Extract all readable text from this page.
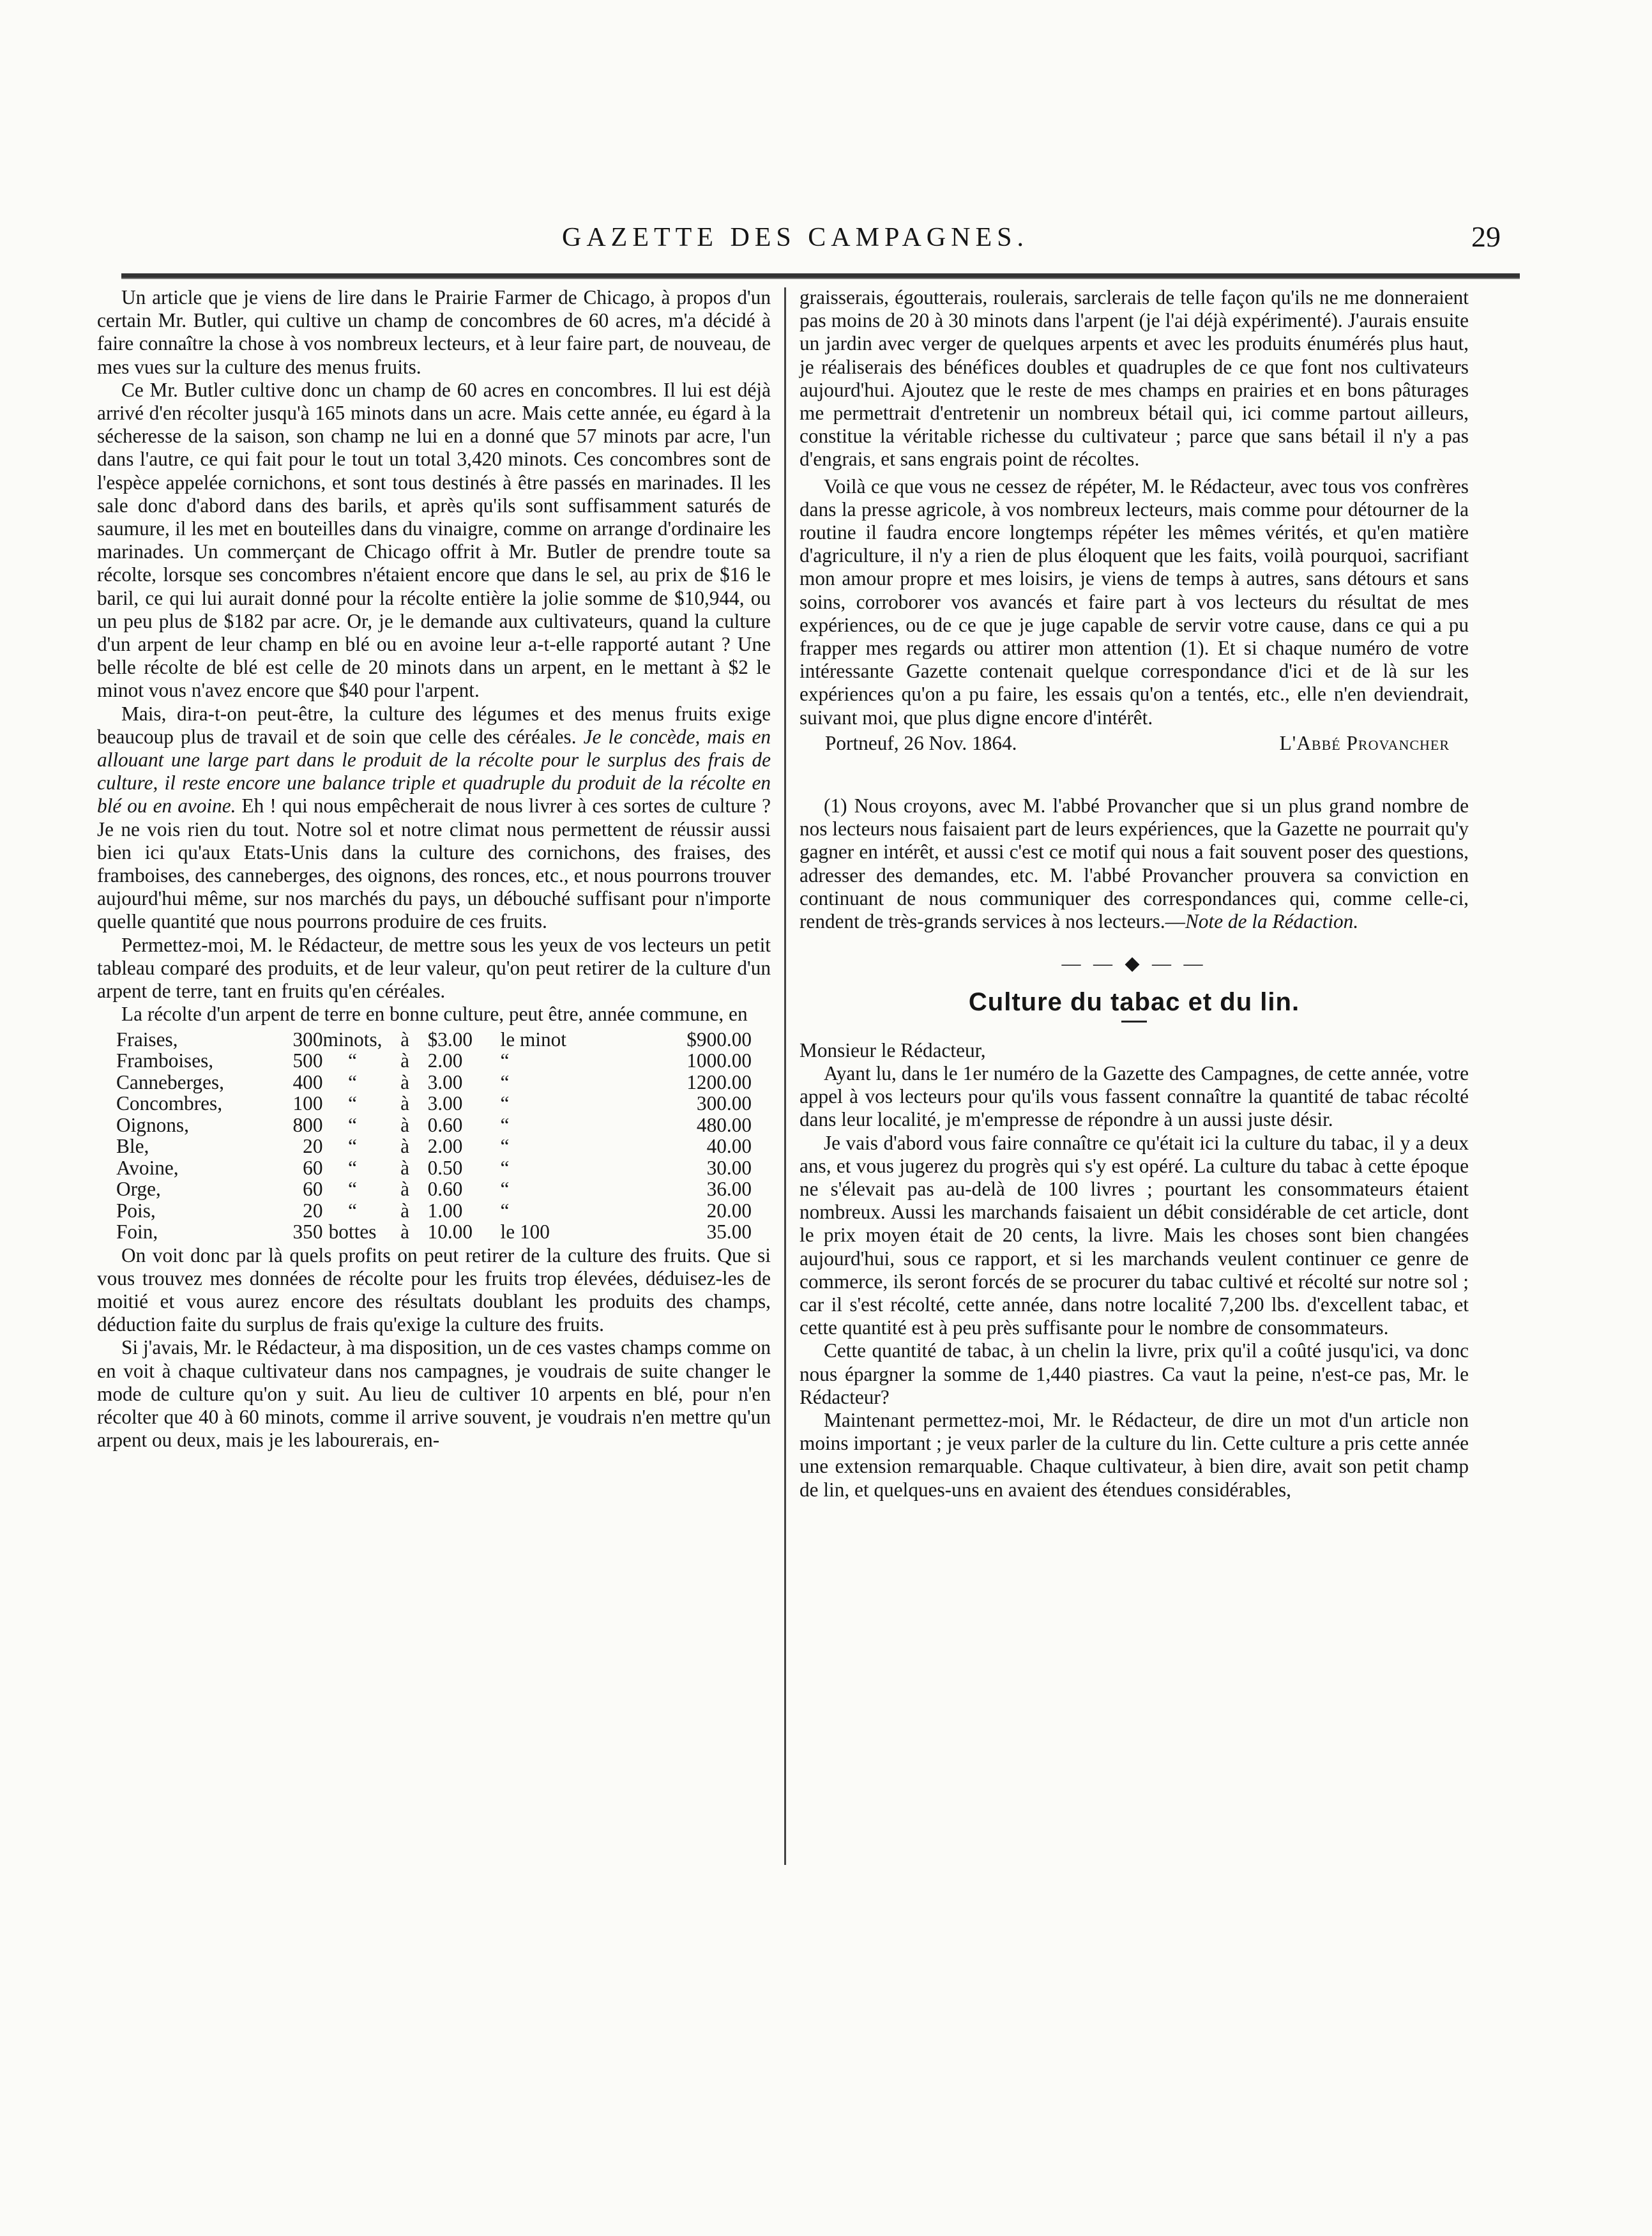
GAZETTE DES CAMPAGNES.	29

Un article que je viens de lire dans le Prairie Farmer de Chicago, à propos d'un certain Mr. Butler, qui cultive un champ de concombres de 60 acres, m'a décidé à faire connaître la chose à vos nombreux lecteurs, et à leur faire part, de nouveau, de mes vues sur la culture des menus fruits.

Ce Mr. Butler cultive donc un champ de 60 acres en concombres. Il lui est déjà arrivé d'en récolter jusqu'à 165 minots dans un acre. Mais cette année, eu égard à la sécheresse de la saison, son champ ne lui en a donné que 57 minots par acre, l'un dans l'autre, ce qui fait pour le tout un total 3,420 minots. Ces concombres sont de l'espèce appelée cornichons, et sont tous destinés à être passés en marinades. Il les sale donc d'abord dans des barils, et après qu'ils sont suffisamment saturés de saumure, il les met en bouteilles dans du vinaigre, comme on arrange d'ordinaire les marinades. Un commerçant de Chicago offrit à Mr. Butler de prendre toute sa récolte, lorsque ses concombres n'étaient encore que dans le sel, au prix de $16 le baril, ce qui lui aurait donné pour la récolte entière la jolie somme de $10,944, ou un peu plus de $182 par acre. Or, je le demande aux cultivateurs, quand la culture d'un arpent de leur champ en blé ou en avoine leur a-t-elle rapporté autant ? Une belle récolte de blé est celle de 20 minots dans un arpent, en le mettant à $2 le minot vous n'avez encore que $40 pour l'arpent.

Mais, dira-t-on peut-être, la culture des légumes et des menus fruits exige beaucoup plus de travail et de soin que celle des céréales. Je le concède, mais en allouant une large part dans le produit de la récolte pour le surplus des frais de culture, il reste encore une balance triple et quadruple du produit de la récolte en blé ou en avoine. Eh ! qui nous empêcherait de nous livrer à ces sortes de culture ? Je ne vois rien du tout. Notre sol et notre climat nous permettent de réussir aussi bien ici qu'aux Etats-Unis dans la culture des cornichons, des fraises, des framboises, des canneberges, des oignons, des ronces, etc., et nous pourrons trouver aujourd'hui même, sur nos marchés du pays, un débouché suffisant pour n'importe quelle quantité que nous pourrons produire de ces fruits.

Permettez-moi, M. le Rédacteur, de mettre sous les yeux de vos lecteurs un petit tableau comparé des produits, et de leur valeur, qu'on peut retirer de la culture d'un arpent de terre, tant en fruits qu'en céréales.

La récolte d'un arpent de terre en bonne culture, peut être, année commune, en

Fraises,	300	minots,	à	$3.00	le minot	$900.00
Framboises,	500	“	à	2.00	“	1000.00
Canneberges,	400	“	à	3.00	“	1200.00
Concombres,	100	“	à	3.00	“	300.00
Oignons,	800	“	à	0.60	“	480.00
Ble,	20	“	à	2.00	“	40.00
Avoine,	60	“	à	0.50	“	30.00
Orge,	60	“	à	0.60	“	36.00
Pois,	20	“	à	1.00	“	20.00
Foin,	350	bottes	à	10.00	le 100	35.00

On voit donc par là quels profits on peut retirer de la culture des fruits. Que si vous trouvez mes données de récolte pour les fruits trop élevées, déduisez-les de moitié et vous aurez encore des résultats doublant les produits des champs, déduction faite du surplus de frais qu'exige la culture des fruits.

Si j'avais, Mr. le Rédacteur, à ma disposition, un de ces vastes champs comme on en voit à chaque cultivateur dans nos campagnes, je voudrais de suite changer le mode de culture qu'on y suit. Au lieu de cultiver 10 arpents en blé, pour n'en récolter que 40 à 60 minots, comme il arrive souvent, je voudrais n'en mettre qu'un arpent ou deux, mais je les labourerais, en-

graisserais, égoutterais, roulerais, sarclerais de telle façon qu'ils ne me donneraient pas moins de 20 à 30 minots dans l'arpent (je l'ai déjà expérimenté). J'aurais ensuite un jardin avec verger de quelques arpents et avec les produits énumérés plus haut, je réaliserais des bénéfices doubles et quadruples de ce que font nos cultivateurs aujourd'hui. Ajoutez que le reste de mes champs en prairies et en bons pâturages me permettrait d'entretenir un nombreux bétail qui, ici comme partout ailleurs, constitue la véritable richesse du cultivateur ; parce que sans bétail il n'y a pas d'engrais, et sans engrais point de récoltes.

Voilà ce que vous ne cessez de répéter, M. le Rédacteur, avec tous vos confrères dans la presse agricole, à vos nombreux lecteurs, mais comme pour détourner de la routine il faudra encore longtemps répéter les mêmes vérités, et qu'en matière d'agriculture, il n'y a rien de plus éloquent que les faits, voilà pourquoi, sacrifiant mon amour propre et mes loisirs, je viens de temps à autres, sans détours et sans soins, corroborer vos avancés et faire part à vos lecteurs du résultat de mes expériences, ou de ce que je juge capable de servir votre cause, dans ce qui a pu frapper mes regards ou attirer mon attention (1). Et si chaque numéro de votre intéressante Gazette contenait quelque correspondance d'ici et de là sur les expériences qu'on a pu faire, les essais qu'on a tentés, etc., elle n'en deviendrait, suivant moi, que plus digne encore d'intérêt.

Portneuf, 26 Nov. 1864.	L'Abbé Provancher

(1) Nous croyons, avec M. l'abbé Provancher que si un plus grand nombre de nos lecteurs nous faisaient part de leurs expériences, que la Gazette ne pourrait qu'y gagner en intérêt, et aussi c'est ce motif qui nous a fait souvent poser des questions, adresser des demandes, etc. M. l'abbé Provancher prouvera sa conviction en continuant de nous communiquer des correspondances qui, comme celle-ci, rendent de très-grands services à nos lecteurs.—Note de la Rédaction.

— — ◆ — —
Culture du tabac et du lin.

Monsieur le Rédacteur,

Ayant lu, dans le 1er numéro de la Gazette des Campagnes, de cette année, votre appel à vos lecteurs pour qu'ils vous fassent connaître la quantité de tabac récolté dans leur localité, je m'empresse de répondre à un aussi juste désir.

Je vais d'abord vous faire connaître ce qu'était ici la culture du tabac, il y a deux ans, et vous jugerez du progrès qui s'y est opéré. La culture du tabac à cette époque ne s'élevait pas au-delà de 100 livres ; pourtant les consommateurs étaient nombreux. Aussi les marchands faisaient un débit considérable de cet article, dont le prix moyen était de 20 cents, la livre. Mais les choses sont bien changées aujourd'hui, sous ce rapport, et si les marchands veulent continuer ce genre de commerce, ils seront forcés de se procurer du tabac cultivé et récolté sur notre sol ; car il s'est récolté, cette année, dans notre localité 7,200 lbs. d'excellent tabac, et cette quantité est à peu près suffisante pour le nombre de consommateurs.

Cette quantité de tabac, à un chelin la livre, prix qu'il a coûté jusqu'ici, va donc nous épargner la somme de 1,440 piastres. Ca vaut la peine, n'est-ce pas, Mr. le Rédacteur?

Maintenant permettez-moi, Mr. le Rédacteur, de dire un mot d'un article non moins important ; je veux parler de la culture du lin. Cette culture a pris cette année une extension remarquable. Chaque cultivateur, à bien dire, avait son petit champ de lin, et quelques-uns en avaient des étendues considérables,
